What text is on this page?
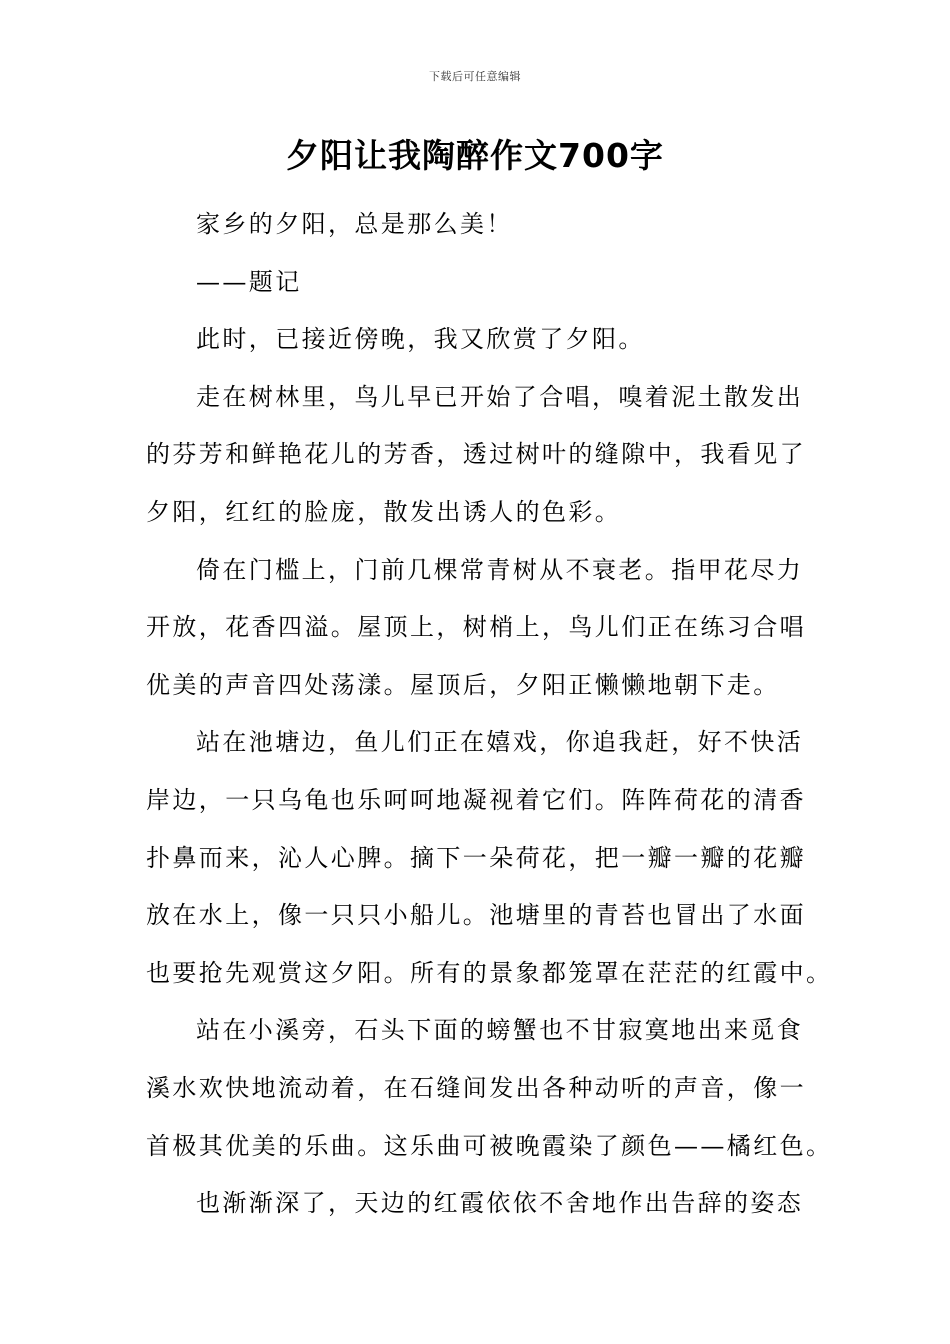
下载后可任意编辑
夕阳让我陶醉作文700字
家乡的夕阳，总是那么美！
——题记
此时，已接近傍晚，我又欣赏了夕阳。
走在树林里，鸟儿早已开始了合唱，嗅着泥土散发出
的芬芳和鲜艳花儿的芳香，透过树叶的缝隙中，我看见了
夕阳，红红的脸庞，散发出诱人的色彩。
倚在门槛上，门前几棵常青树从不衰老。指甲花尽力
开放，花香四溢。屋顶上，树梢上，鸟儿们正在练习合唱
优美的声音四处荡漾。屋顶后，夕阳正懒懒地朝下走。
站在池塘边，鱼儿们正在嬉戏，你追我赶，好不快活
岸边，一只乌龟也乐呵呵地凝视着它们。阵阵荷花的清香
扑鼻而来，沁人心脾。摘下一朵荷花，把一瓣一瓣的花瓣
放在水上，像一只只小船儿。池塘里的青苔也冒出了水面
也要抢先观赏这夕阳。所有的景象都笼罩在茫茫的红霞中。
站在小溪旁，石头下面的螃蟹也不甘寂寞地出来觅食
溪水欢快地流动着，在石缝间发出各种动听的声音，像一
首极其优美的乐曲。这乐曲可被晚霞染了颜色——橘红色。
也渐渐深了，天边的红霞依依不舍地作出告辞的姿态
